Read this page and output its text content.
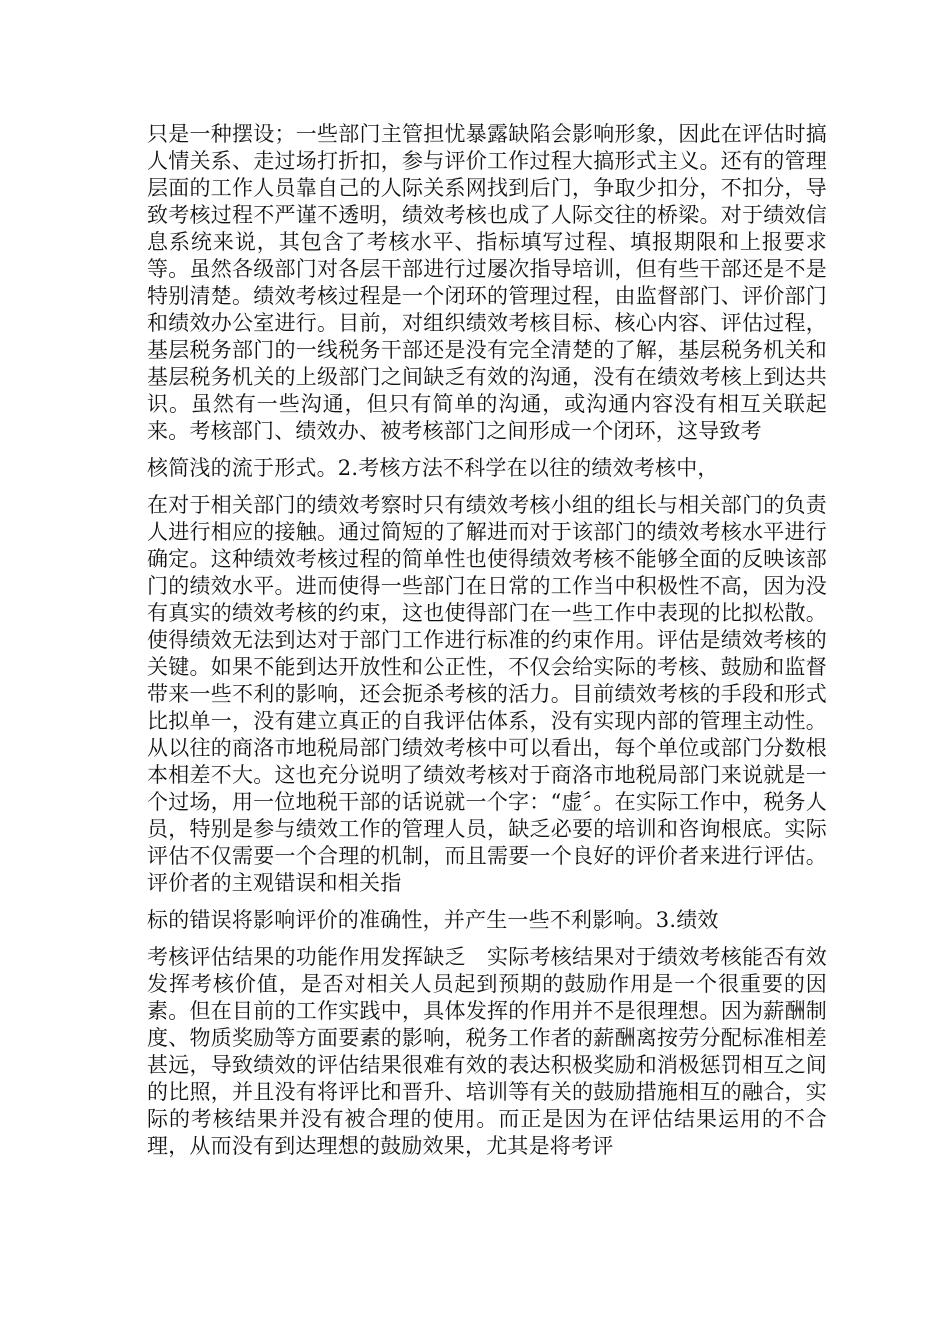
只是一种摆设；一些部门主管担忧暴露缺陷会影响形象，因此在评估时搞人情关系、走过场打折扣，参与评价工作过程大搞形式主义。还有的管理层面的工作人员靠自己的人际关系网找到后门，争取少扣分，不扣分，导致考核过程不严谨不透明，绩效考核也成了人际交往的桥梁。对于绩效信息系统来说，其包含了考核水平、指标填写过程、填报期限和上报要求等。虽然各级部门对各层干部进行过屡次指导培训，但有些干部还是不是特别清楚。绩效考核过程是一个闭环的管理过程，由监督部门、评价部门和绩效办公室进行。目前，对组织绩效考核目标、核心内容、评估过程，基层税务部门的一线税务干部还是没有完全清楚的了解，基层税务机关和基层税务机关的上级部门之间缺乏有效的沟通，没有在绩效考核上到达共识。虽然有一些沟通，但只有简单的沟通，或沟通内容没有相互关联起来。考核部门、绩效办、被考核部门之间形成一个闭环，这导致考

核简浅的流于形式。2.考核方法不科学在以往的绩效考核中，

在对于相关部门的绩效考察时只有绩效考核小组的组长与相关部门的负责人进行相应的接触。通过简短的了解进而对于该部门的绩效考核水平进行确定。这种绩效考核过程的简单性也使得绩效考核不能够全面的反映该部门的绩效水平。进而使得一些部门在日常的工作当中积极性不高，因为没有真实的绩效考核的约束，这也使得部门在一些工作中表现的比拟松散。使得绩效无法到达对于部门工作进行标准的约束作用。评估是绩效考核的关键。如果不能到达开放性和公正性，不仅会给实际的考核、鼓励和监督带来一些不利的影响，还会扼杀考核的活力。目前绩效考核的手段和形式比拟单一，没有建立真正的自我评估体系，没有实现内部的管理主动性。从以往的商洛市地税局部门绩效考核中可以看出，每个单位或部门分数根本相差不大。这也充分说明了绩效考核对于商洛市地税局部门来说就是一个过场，用一位地税干部的话说就一个字：“虚〞。在实际工作中，税务人员，特别是参与绩效工作的管理人员，缺乏必要的培训和咨询根底。实际评估不仅需要一个合理的机制，而且需要一个良好的评价者来进行评估。评价者的主观错误和相关指

标的错误将影响评价的准确性，并产生一些不利影响。3.绩效

考核评估结果的功能作用发挥缺乏　实际考核结果对于绩效考核能否有效发挥考核价值，是否对相关人员起到预期的鼓励作用是一个很重要的因素。但在目前的工作实践中，具体发挥的作用并不是很理想。因为薪酬制度、物质奖励等方面要素的影响，税务工作者的薪酬离按劳分配标准相差甚远，导致绩效的评估结果很难有效的表达积极奖励和消极惩罚相互之间的比照，并且没有将评比和晋升、培训等有关的鼓励措施相互的融合，实际的考核结果并没有被合理的使用。而正是因为在评估结果运用的不合理，从而没有到达理想的鼓励效果，尤其是将考评
